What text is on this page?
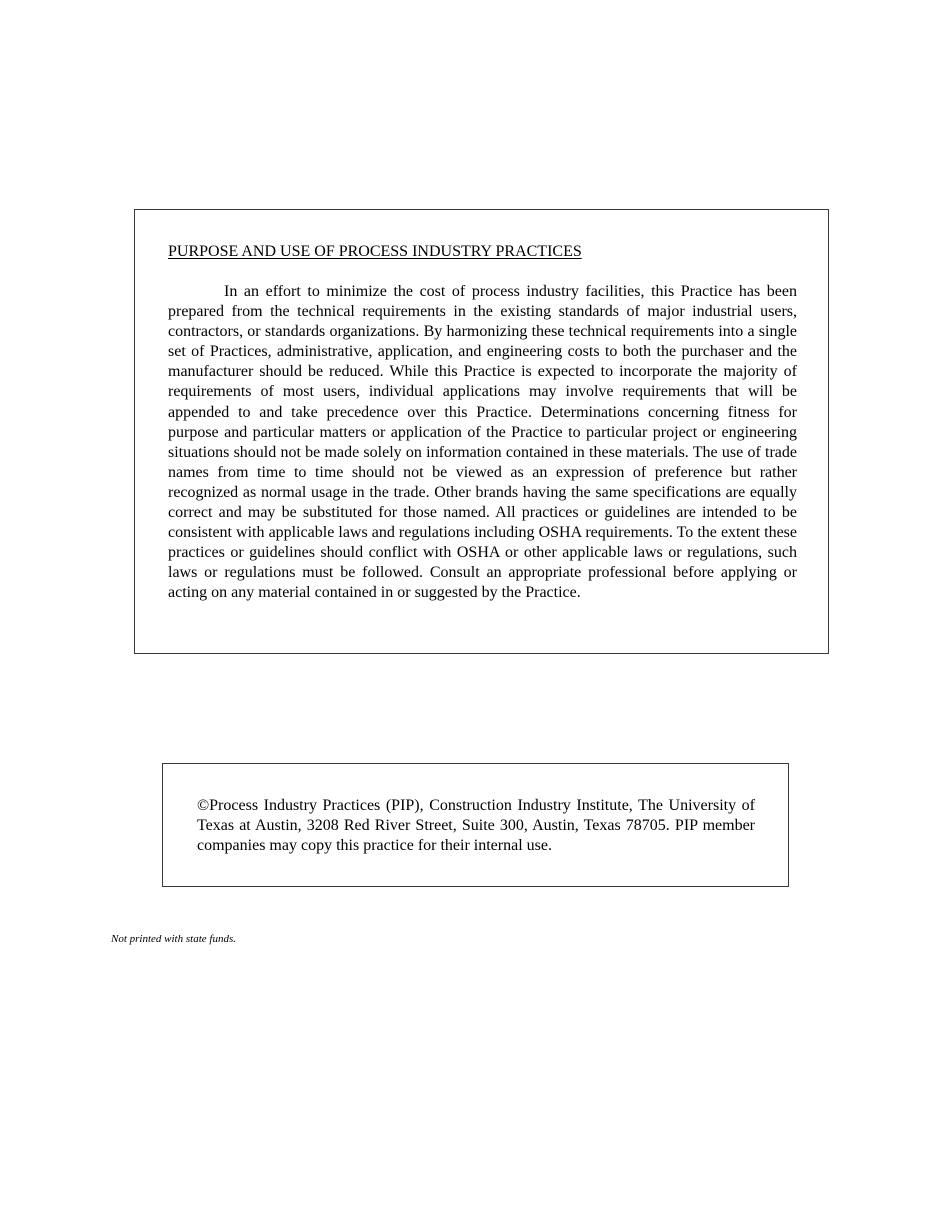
PURPOSE AND USE OF PROCESS INDUSTRY PRACTICES

In an effort to minimize the cost of process industry facilities, this Practice has been prepared from the technical requirements in the existing standards of major industrial users, contractors, or standards organizations. By harmonizing these technical requirements into a single set of Practices, administrative, application, and engineering costs to both the purchaser and the manufacturer should be reduced. While this Practice is expected to incorporate the majority of requirements of most users, individual applications may involve requirements that will be appended to and take precedence over this Practice. Determinations concerning fitness for purpose and particular matters or application of the Practice to particular project or engineering situations should not be made solely on information contained in these materials. The use of trade names from time to time should not be viewed as an expression of preference but rather recognized as normal usage in the trade. Other brands having the same specifications are equally correct and may be substituted for those named. All practices or guidelines are intended to be consistent with applicable laws and regulations including OSHA requirements. To the extent these practices or guidelines should conflict with OSHA or other applicable laws or regulations, such laws or regulations must be followed. Consult an appropriate professional before applying or acting on any material contained in or suggested by the Practice.

©Process Industry Practices (PIP), Construction Industry Institute, The University of Texas at Austin, 3208 Red River Street, Suite 300, Austin, Texas 78705. PIP member companies may copy this practice for their internal use.

Not printed with state funds.
